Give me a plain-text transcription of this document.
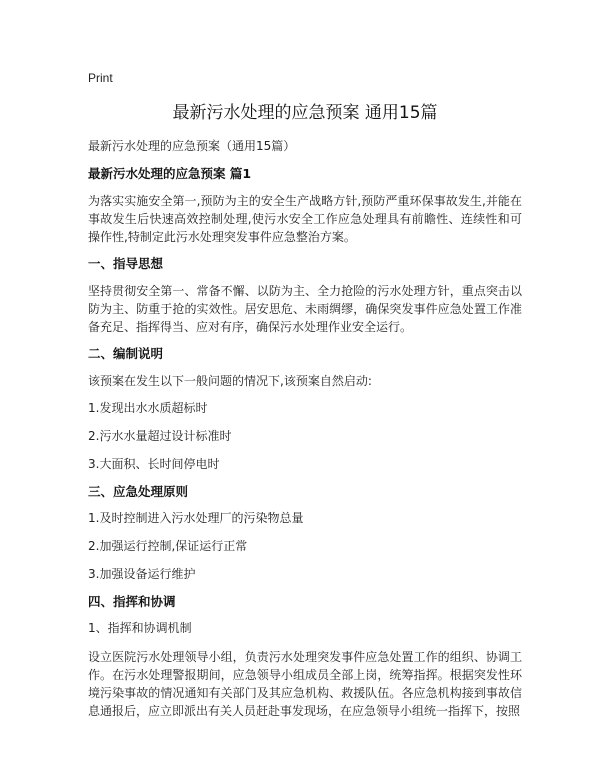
Print
最新污水处理的应急预案 通用15篇

最新污水处理的应急预案（通用15篇）

最新污水处理的应急预案 篇1

为落实实施安全第一,预防为主的安全生产战略方针,预防严重环保事故发生,并能在事故发生后快速高效控制处理,使污水安全工作应急处理具有前瞻性、连续性和可操作性,特制定此污水处理突发事件应急整治方案。

一、指导思想

坚持贯彻安全第一、常备不懈、以防为主、全力抢险的污水处理方针，重点突击以防为主、防重于抢的实效性。居安思危、未雨绸缪，确保突发事件应急处置工作准备充足、指挥得当、应对有序，确保污水处理作业安全运行。

二、编制说明

该预案在发生以下一般问题的情况下,该预案自然启动:

1.发现出水水质超标时

2.污水水量超过设计标准时

3.大面积、长时间停电时

三、应急处理原则

1.及时控制进入污水处理厂的污染物总量

2.加强运行控制,保证运行正常

3.加强设备运行维护

四、指挥和协调

1、指挥和协调机制

设立医院污水处理领导小组，负责污水处理突发事件应急处置工作的组织、协调工作。在污水处理警报期间，应急领导小组成员全部上岗，统筹指挥。根据突发性环境污染事故的情况通知有关部门及其应急机构、救援队伍。各应急机构接到事故信息通报后，应立即派出有关人员赶赴事发现场，在应急领导小组统一指挥下，按照
